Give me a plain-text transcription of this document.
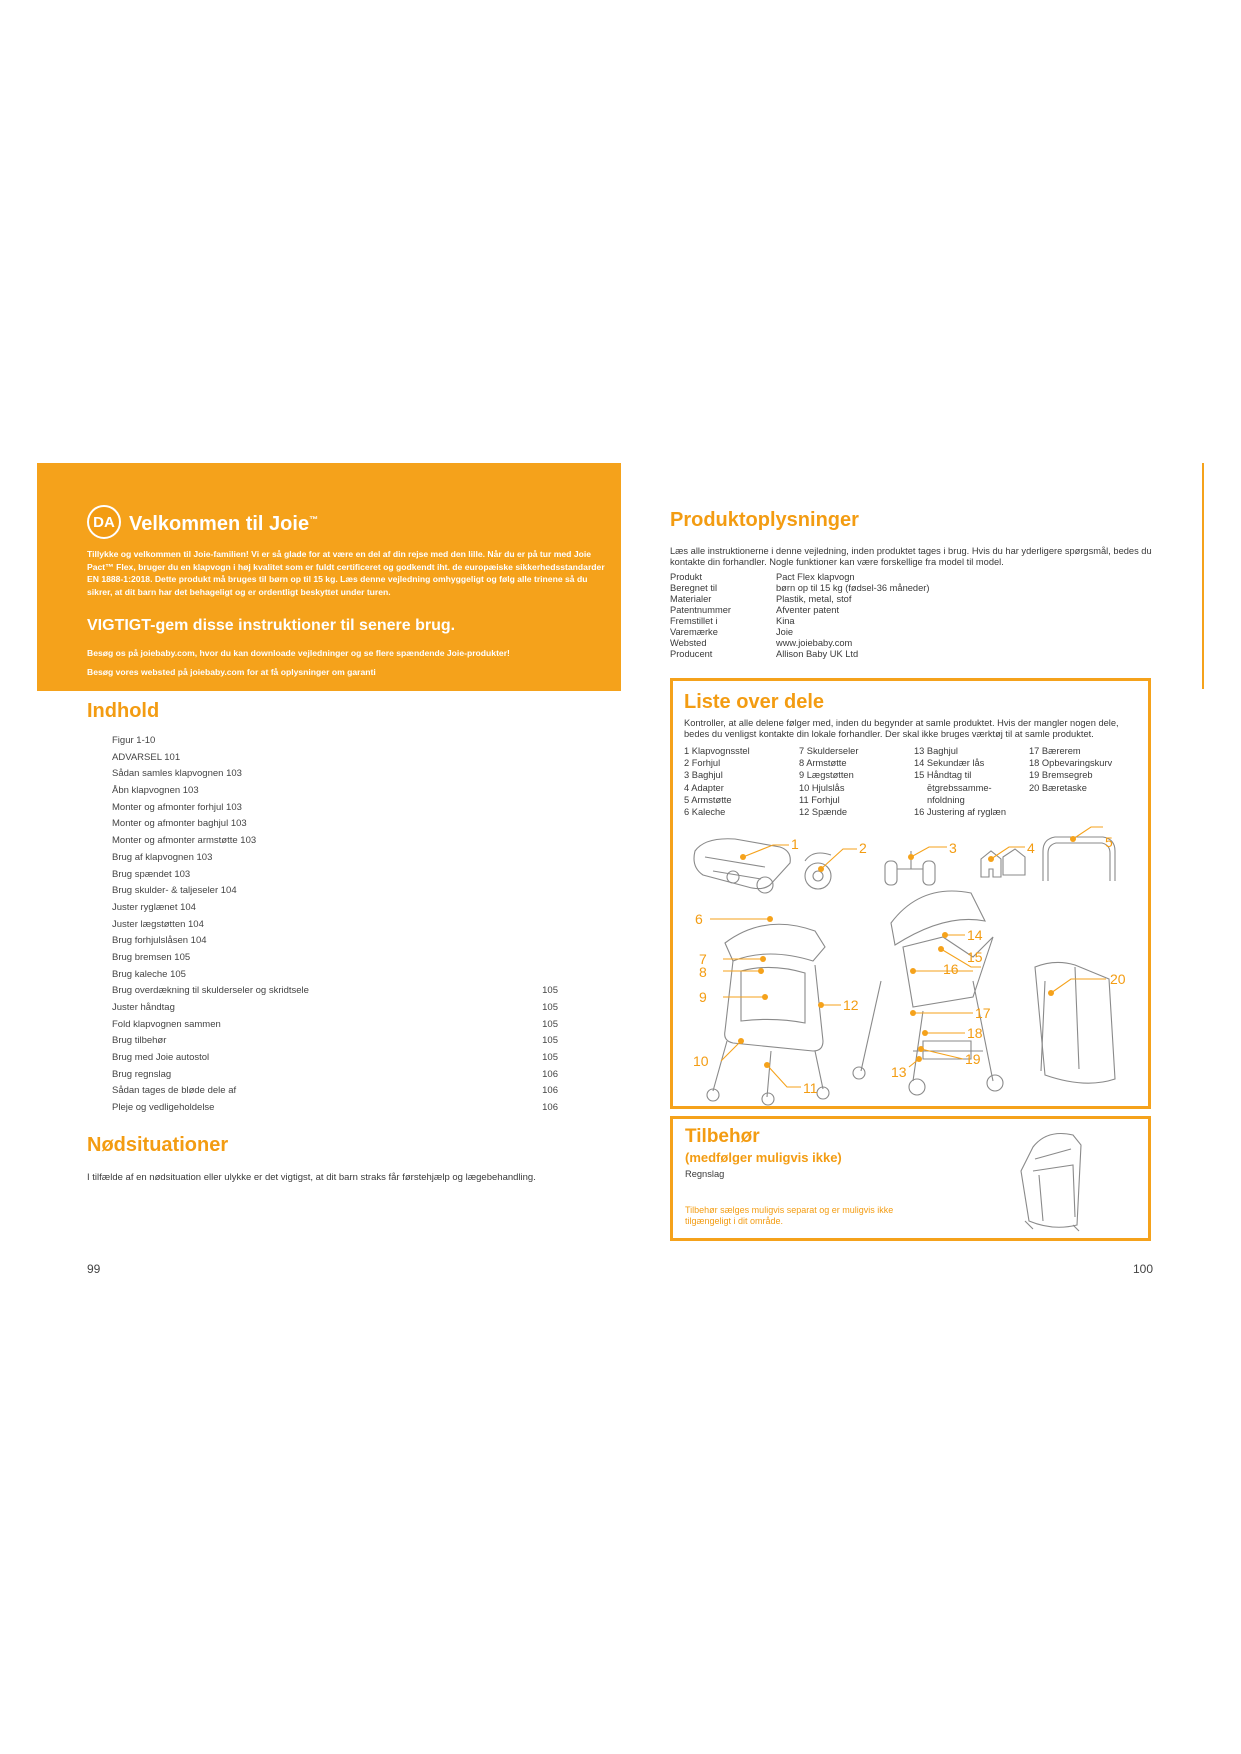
DA Velkommen til Joie™
Tillykke og velkommen til Joie-familien! Vi er så glade for at være en del af din rejse med den lille. Når du er på tur med Joie Pact™ Flex, bruger du en klapvogn i høj kvalitet som er fuldt certificeret og godkendt iht. de europæiske sikkerhedsstandarder EN 1888-1:2018. Dette produkt må bruges til børn op til 15 kg. Læs denne vejledning omhyggeligt og følg alle trinene så du sikrer, at dit barn har det behageligt og er ordentligt beskyttet under turen.
VIGTIGT-gem disse instruktioner til senere brug.
Besøg os på joiebaby.com, hvor du kan downloade vejledninger og se flere spændende Joie-produkter!
Besøg vores websted på joiebaby.com for at få oplysninger om garanti
Indhold
Figur 1-10
ADVARSEL 101
Sådan samles klapvognen 103
Åbn klapvognen 103
Monter og afmonter forhjul 103
Monter og afmonter baghjul 103
Monter og afmonter armstøtte 103
Brug af klapvognen 103
Brug spændet 103
Brug skulder- & taljeseler 104
Juster ryglænet 104
Juster lægstøtten 104
Brug forhjulslåsen 104
Brug bremsen 105
Brug kaleche 105
Brug overdækning til skulderseler og skridtsele	105
Juster håndtag	105
Fold klapvognen sammen	105
Brug tilbehør	105
Brug med Joie autostol	105
Brug regnslag	106
Sådan tages de bløde dele af	106
Pleje og vedligeholdelse	106
Nødsituationer
I tilfælde af en nødsituation eller ulykke er det vigtigst, at dit barn straks får førstehjælp og lægebehandling.
99
Produktoplysninger
Læs alle instruktionerne i denne vejledning, inden produktet tages i brug. Hvis du har yderligere spørgsmål, bedes du kontakte din forhandler. Nogle funktioner kan være forskellige fra model til model.
Produkt	Pact Flex klapvogn
Beregnet til	børn op til 15 kg (fødsel-36 måneder)
Materialer	Plastik, metal, stof
Patentnummer	Afventer patent
Fremstillet i	Kina
Varemærke	Joie
Websted	www.joiebaby.com
Producent	Allison Baby UK Ltd
Liste over dele
Kontroller, at alle delene følger med, inden du begynder at samle produktet. Hvis der mangler nogen dele, bedes du venligst kontakte din lokale forhandler. Der skal ikke bruges værktøj til at samle produktet.
1 Klapvognsstel
2 Forhjul
3 Baghjul
4 Adapter
5 Armstøtte
6 Kaleche
7 Skulderseler
8 Armstøtte
9 Lægstøtten
10 Hjulslås
11 Forhjul
12 Spænde
13 Baghjul
14 Sekundær lås
15 Håndtag til
ētgrebssamme-
nfoldning
16 Justering af ryglæn
17 Bærerem
18 Opbevaringskurv
19 Bremsegreb
20 Bæretaske
1	2	3	4	5
6
7
8
9
10
11
12
13
14
15
16
17
18
19
20
Tilbehør
(medfølger muligvis ikke)
Regnslag
Tilbehør sælges muligvis separat og er muligvis ikke tilgængeligt i dit område.
100
